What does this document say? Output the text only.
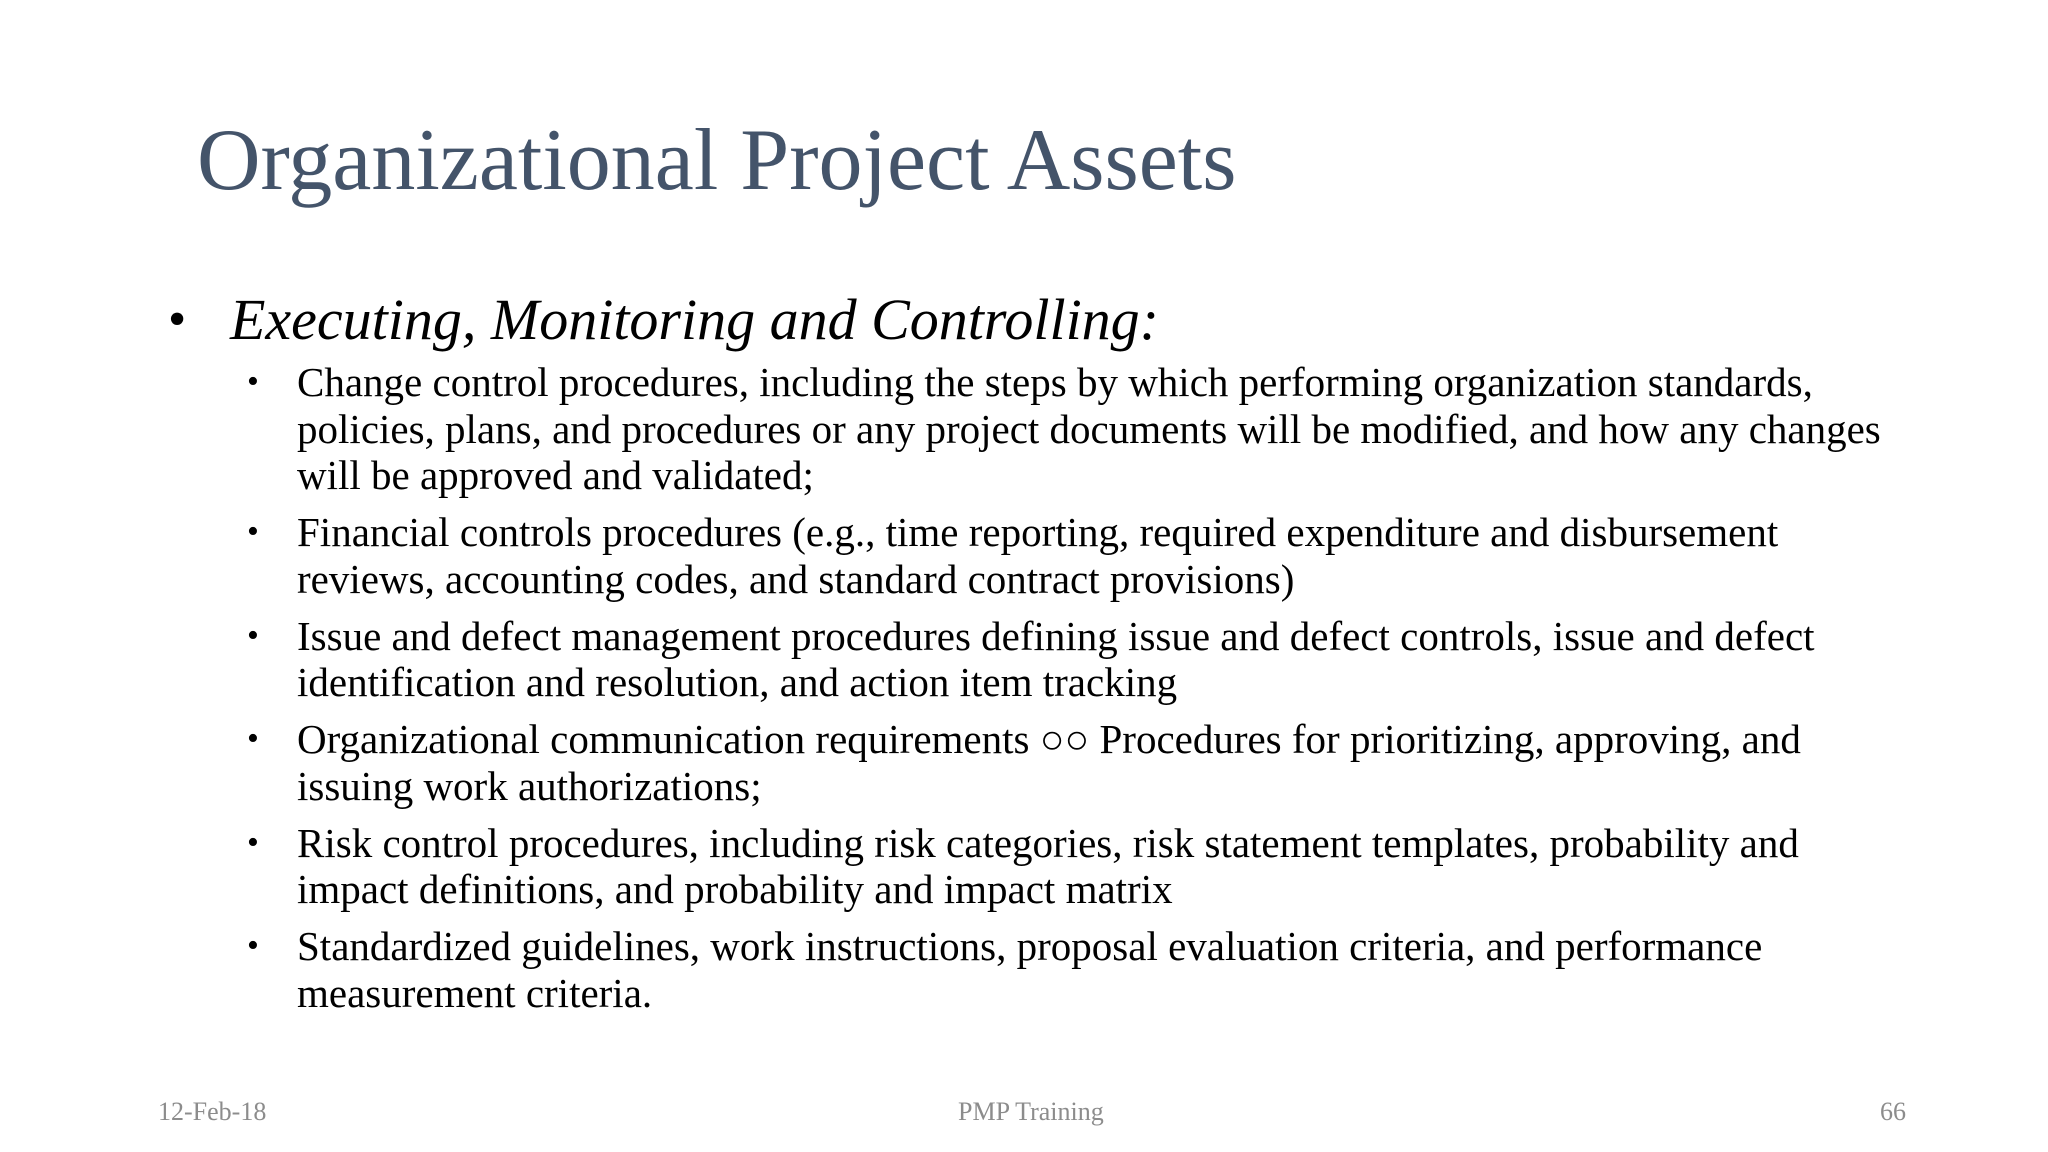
Organizational Project Assets

• Executing, Monitoring and Controlling:

• Change control procedures, including the steps by which performing organization standards, policies, plans, and procedures or any project documents will be modified, and how any changes will be approved and validated;
• Financial controls procedures (e.g., time reporting, required expenditure and disbursement reviews, accounting codes, and standard contract provisions)
• Issue and defect management procedures defining issue and defect controls, issue and defect identification and resolution, and action item tracking
• Organizational communication requirements ○○ Procedures for prioritizing, approving, and issuing work authorizations;
• Risk control procedures, including risk categories, risk statement templates, probability and impact definitions, and probability and impact matrix
• Standardized guidelines, work instructions, proposal evaluation criteria, and performance measurement criteria.
12-Feb-18	PMP Training	66
